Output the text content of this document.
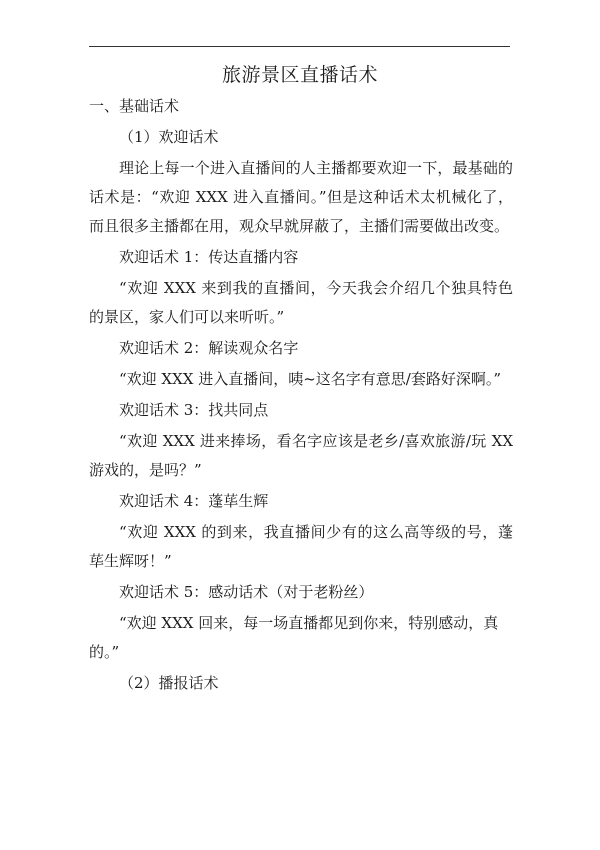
旅游景区直播话术

一、基础话术

（1）欢迎话术

理论上每一个进入直播间的人主播都要欢迎一下，最基础的话术是：“欢迎 XXX 进入直播间。”但是这种话术太机械化了，而且很多主播都在用，观众早就屏蔽了，主播们需要做出改变。

欢迎话术 1：传达直播内容

“欢迎 XXX 来到我的直播间，今天我会介绍几个独具特色的景区，家人们可以来听听。”

欢迎话术 2：解读观众名字

“欢迎 XXX 进入直播间，咦~这名字有意思/套路好深啊。”

欢迎话术 3：找共同点

“欢迎 XXX 进来捧场，看名字应该是老乡/喜欢旅游/玩 XX 游戏的，是吗？”

欢迎话术 4：蓬荜生辉

“欢迎 XXX 的到来，我直播间少有的这么高等级的号，蓬荜生辉呀！”

欢迎话术 5：感动话术（对于老粉丝）

“欢迎 XXX 回来，每一场直播都见到你来，特别感动，真的。”

（2）播报话术
